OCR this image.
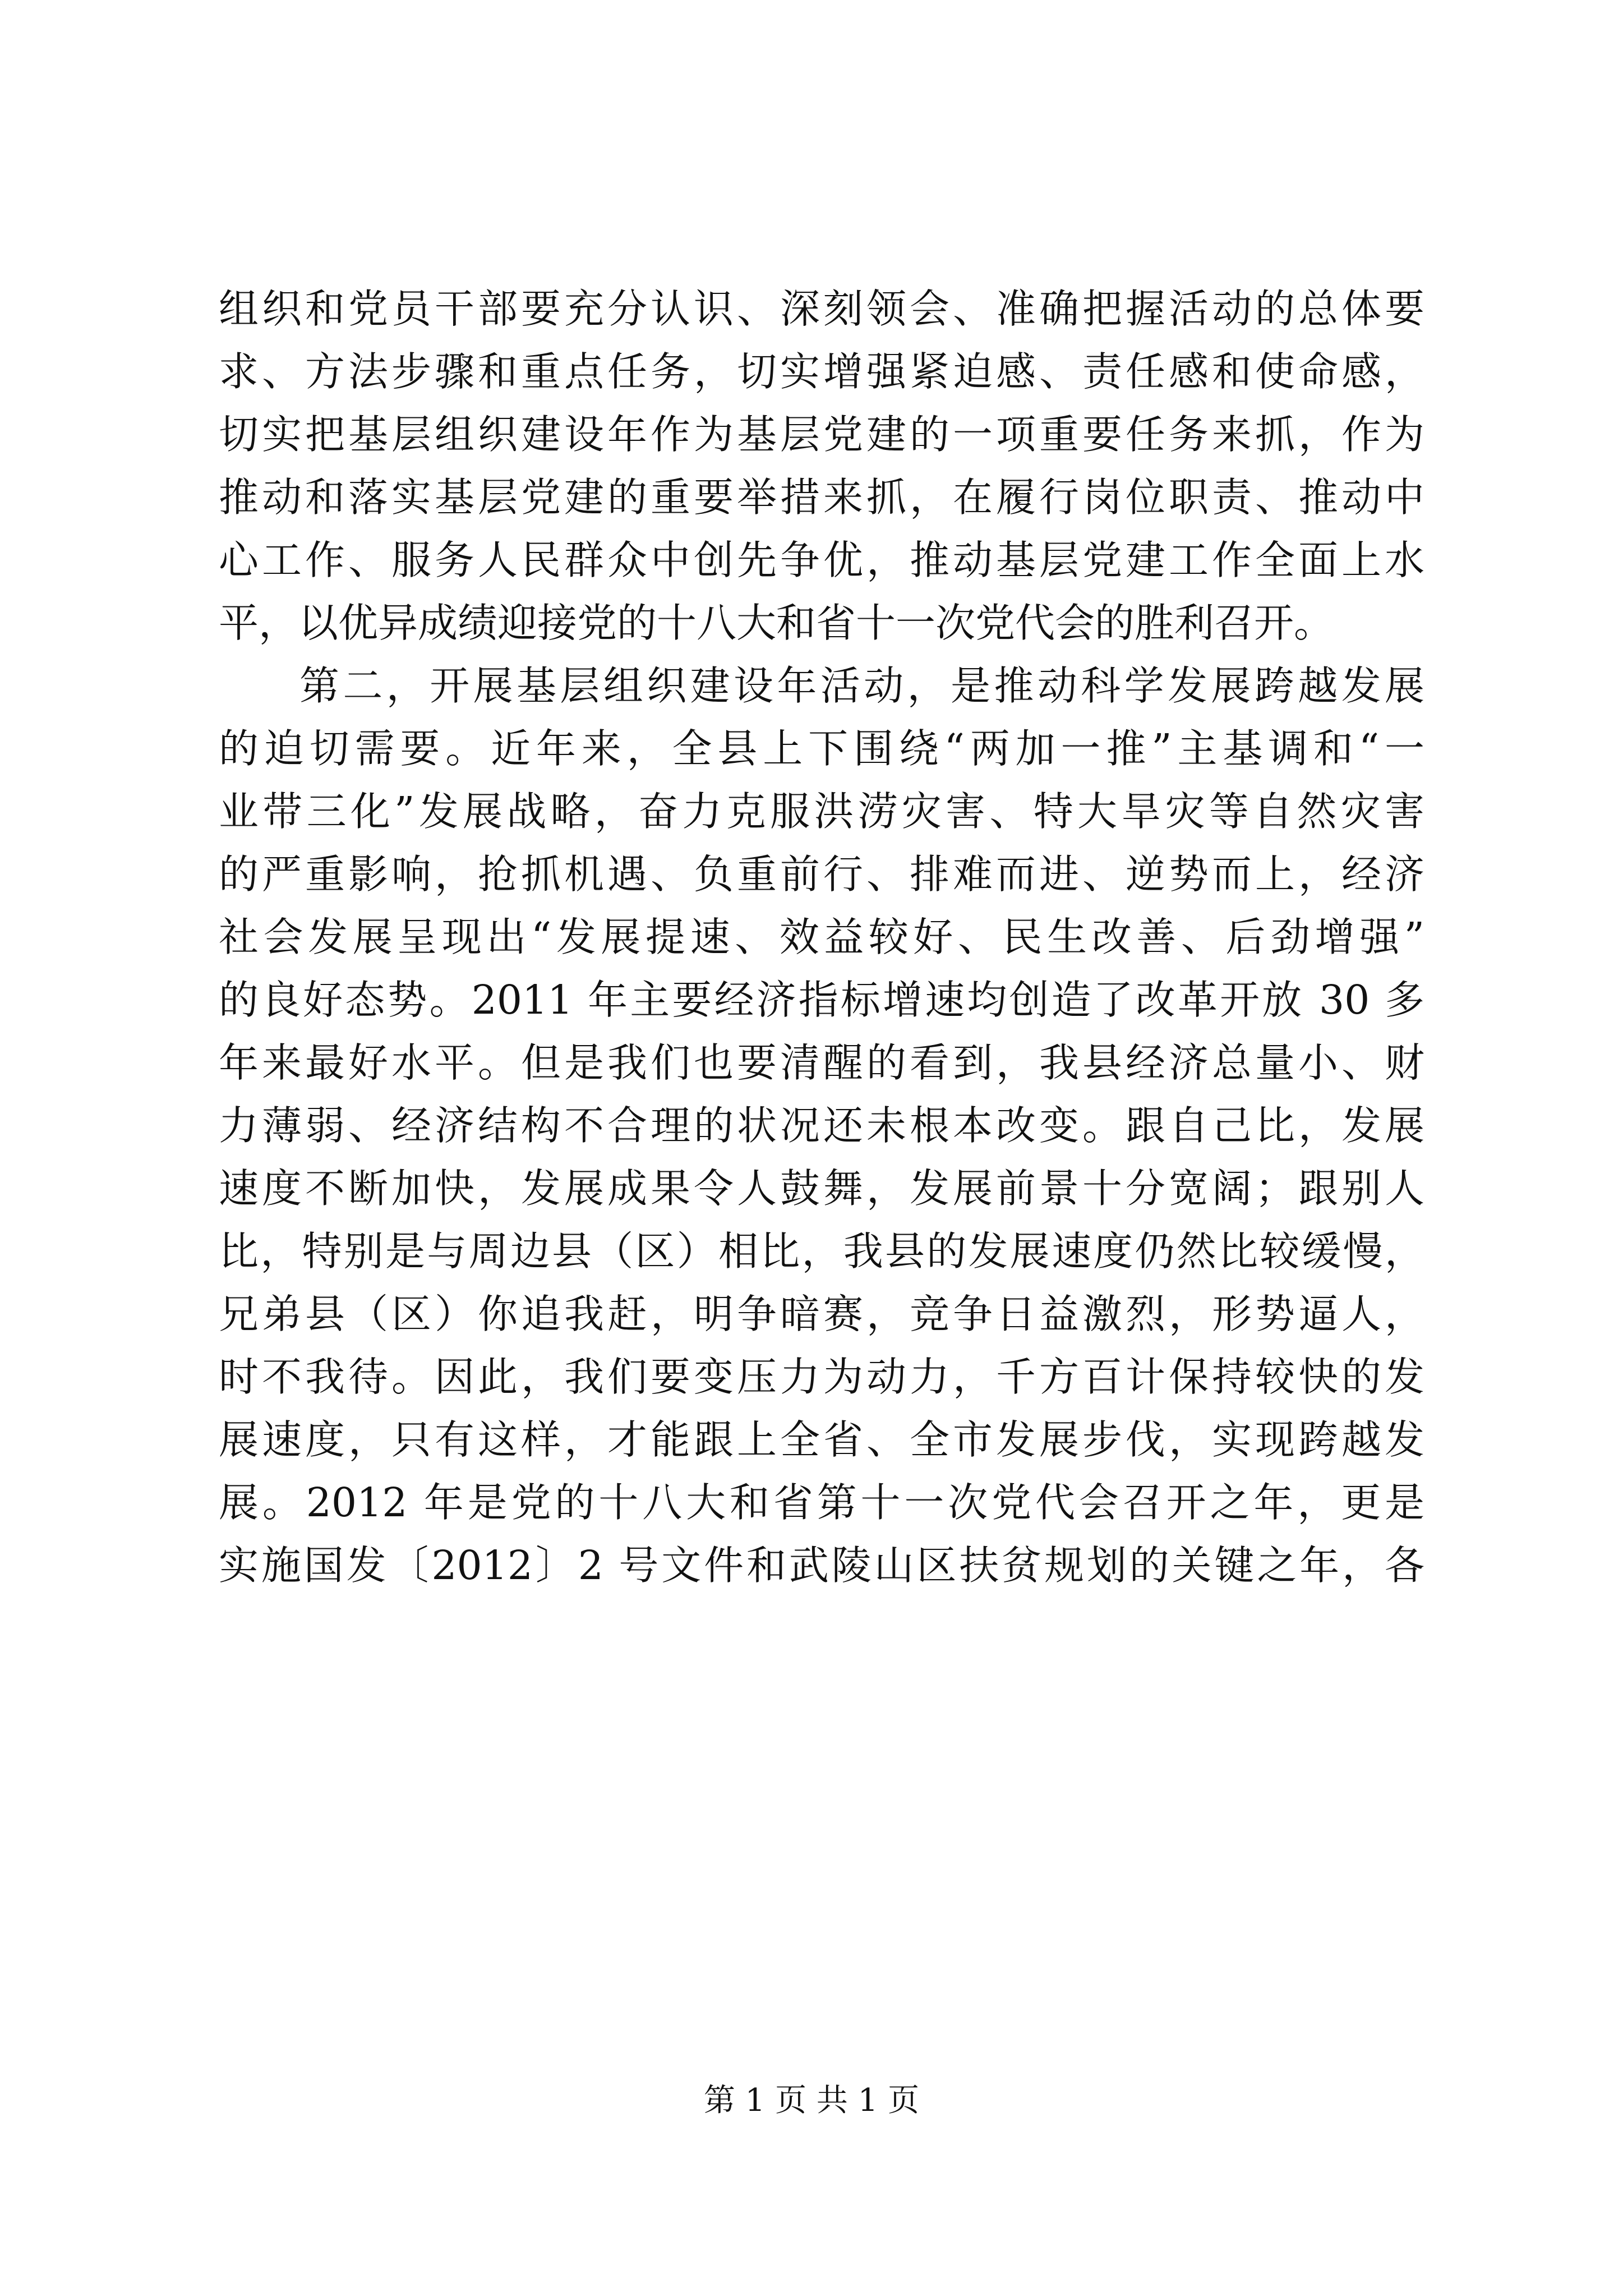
组织和党员干部要充分认识、深刻领会、准确把握活动的总体要
求、方法步骤和重点任务，切实增强紧迫感、责任感和使命感，
切实把基层组织建设年作为基层党建的一项重要任务来抓，作为
推动和落实基层党建的重要举措来抓，在履行岗位职责、推动中
心工作、服务人民群众中创先争优，推动基层党建工作全面上水
平，以优异成绩迎接党的十八大和省十一次党代会的胜利召开。
第二，开展基层组织建设年活动，是推动科学发展跨越发展
的迫切需要。近年来，全县上下围绕“两加一推”主基调和“一
业带三化”发展战略，奋力克服洪涝灾害、特大旱灾等自然灾害
的严重影响，抢抓机遇、负重前行、排难而进、逆势而上，经济
社会发展呈现出“发展提速、效益较好、民生改善、后劲增强”
的良好态势。2011 年主要经济指标增速均创造了改革开放 30 多
年来最好水平。但是我们也要清醒的看到，我县经济总量小、财
力薄弱、经济结构不合理的状况还未根本改变。跟自己比，发展
速度不断加快，发展成果令人鼓舞，发展前景十分宽阔；跟别人
比，特别是与周边县（区）相比，我县的发展速度仍然比较缓慢，
兄弟县（区）你追我赶，明争暗赛，竞争日益激烈，形势逼人，
时不我待。因此，我们要变压力为动力，千方百计保持较快的发
展速度，只有这样，才能跟上全省、全市发展步伐，实现跨越发
展。2012 年是党的十八大和省第十一次党代会召开之年，更是
实施国发〔2012〕2 号文件和武陵山区扶贫规划的关键之年，各
第 1 页 共 1 页
